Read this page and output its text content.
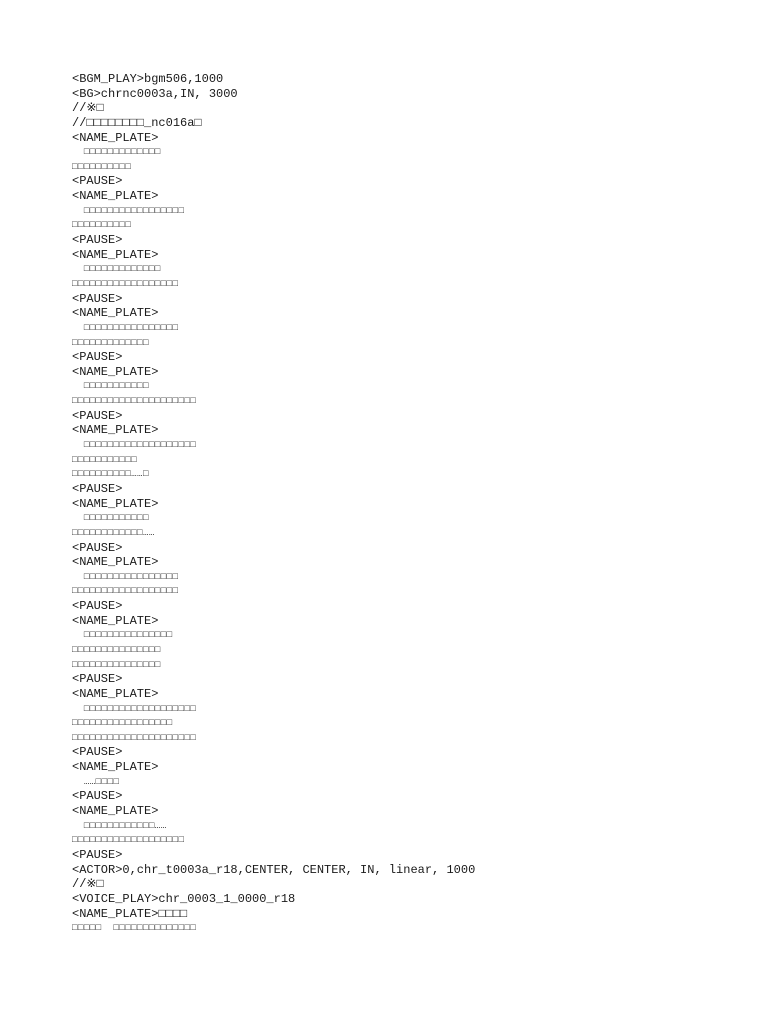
<BGM_PLAY>bgm506,1000
<BG>chrnc0003a,IN, 3000
//※□
//□□□□□□□□_nc016a□
<NAME_PLATE>
□□□□□□□□□□□□□
□□□□□□□□□□
<PAUSE>
<NAME_PLATE>
□□□□□□□□□□□□□□□□□
□□□□□□□□□□
<PAUSE>
<NAME_PLATE>
□□□□□□□□□□□□□
□□□□□□□□□□□□□□□□□□
<PAUSE>
<NAME_PLATE>
□□□□□□□□□□□□□□□□
□□□□□□□□□□□□□
<PAUSE>
<NAME_PLATE>
□□□□□□□□□□□
□□□□□□□□□□□□□□□□□□□□□
<PAUSE>
<NAME_PLATE>
□□□□□□□□□□□□□□□□□□□
□□□□□□□□□□□
□□□□□□□□□□……□
<PAUSE>
<NAME_PLATE>
□□□□□□□□□□□
□□□□□□□□□□□□……
<PAUSE>
<NAME_PLATE>
□□□□□□□□□□□□□□□□
□□□□□□□□□□□□□□□□□□
<PAUSE>
<NAME_PLATE>
□□□□□□□□□□□□□□□
□□□□□□□□□□□□□□□
□□□□□□□□□□□□□□□
<PAUSE>
<NAME_PLATE>
□□□□□□□□□□□□□□□□□□□
□□□□□□□□□□□□□□□□□
□□□□□□□□□□□□□□□□□□□□□
<PAUSE>
<NAME_PLATE>
……□□□□
<PAUSE>
<NAME_PLATE>
□□□□□□□□□□□□……
□□□□□□□□□□□□□□□□□□□
<PAUSE>
<ACTOR>0,chr_t0003a_r18,CENTER, CENTER, IN, linear, 1000
//※□
<VOICE_PLAY>chr_0003_1_0000_r18
<NAME_PLATE>□□□□
□□□□□  □□□□□□□□□□□□□□
